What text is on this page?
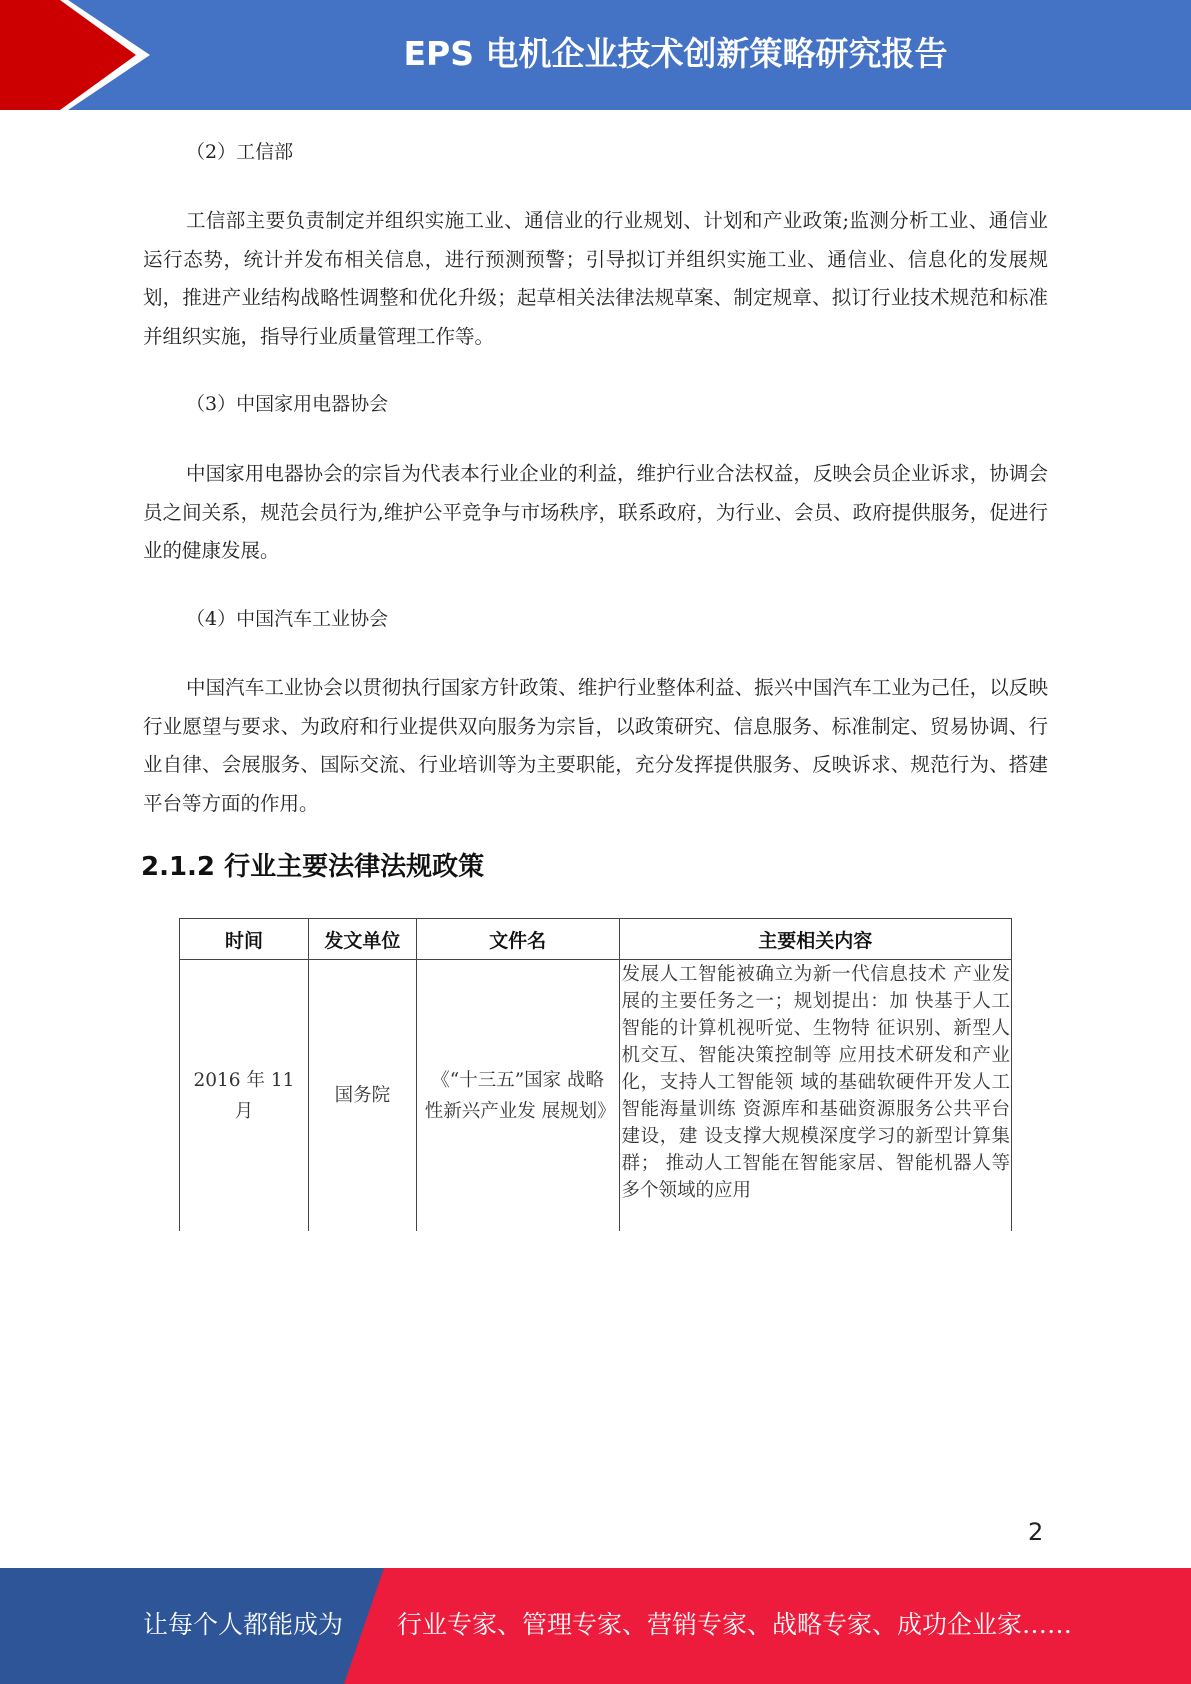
EPS 电机企业技术创新策略研究报告

（2）工信部

工信部主要负责制定并组织实施工业、通信业的行业规划、计划和产业政策;监测分析工业、通信业运行态势，统计并发布相关信息，进行预测预警；引导拟订并组织实施工业、通信业、信息化的发展规划，推进产业结构战略性调整和优化升级；起草相关法律法规草案、制定规章、拟订行业技术规范和标准并组织实施，指导行业质量管理工作等。

（3）中国家用电器协会

中国家用电器协会的宗旨为代表本行业企业的利益，维护行业合法权益，反映会员企业诉求，协调会员之间关系，规范会员行为,维护公平竞争与市场秩序，联系政府，为行业、会员、政府提供服务，促进行业的健康发展。

（4）中国汽车工业协会

中国汽车工业协会以贯彻执行国家方针政策、维护行业整体利益、振兴中国汽车工业为己任，以反映行业愿望与要求、为政府和行业提供双向服务为宗旨，以政策研究、信息服务、标准制定、贸易协调、行业自律、会展服务、国际交流、行业培训等为主要职能，充分发挥提供服务、反映诉求、规范行为、搭建平台等方面的作用。

2.1.2 行业主要法律法规政策
时间	发文单位	文件名	主要相关内容
2016 年 11 月	国务院	《“十三五”国家 战略性新兴产业发 展规划》	发展人工智能被确立为新一代信息技术 产业发展的主要任务之一；规划提出：加 快基于人工智能的计算机视听觉、生物特 征识别、新型人机交互、智能决策控制等 应用技术研发和产业化，支持人工智能领 域的基础软硬件开发人工智能海量训练 资源库和基础资源服务公共平台建设，建 设支撑大规模深度学习的新型计算集群； 推动人工智能在智能家居、智能机器人等 多个领域的应用
2
让每个人都能成为 行业专家、管理专家、营销专家、战略专家、成功企业家……
